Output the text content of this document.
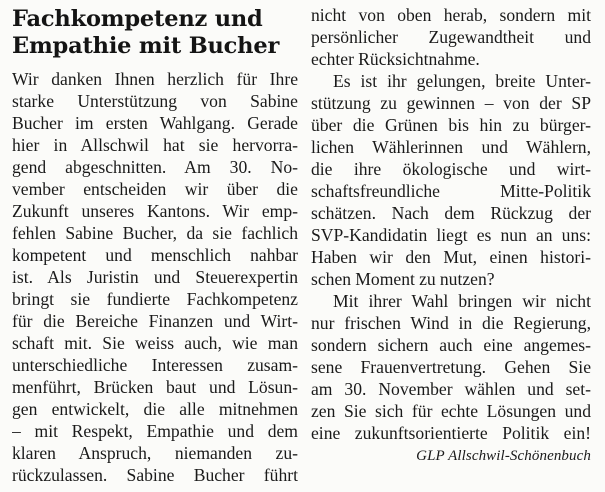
Fachkompetenz und
Empathie mit Bucher

Wir danken Ihnen herzlich für Ihre
starke Unterstützung von Sabine
Bucher im ersten Wahlgang. Gerade
hier in Allschwil hat sie hervorra-
gend abgeschnitten. Am 30. No-
vember entscheiden wir über die
Zukunft unseres Kantons. Wir emp-
fehlen Sabine Bucher, da sie fachlich
kompetent und menschlich nahbar
ist. Als Juristin und Steuerexpertin
bringt sie fundierte Fachkompetenz
für die Bereiche Finanzen und Wirt-
schaft mit. Sie weiss auch, wie man
unterschiedliche Interessen zusam-
menführt, Brücken baut und Lösun-
gen entwickelt, die alle mitnehmen
– mit Respekt, Empathie und dem
klaren Anspruch, niemanden zu-
rückzulassen. Sabine Bucher führt

nicht von oben herab, sondern mit
persönlicher Zugewandtheit und
echter Rücksichtnahme.

Es ist ihr gelungen, breite Unter-
stützung zu gewinnen – von der SP
über die Grünen bis hin zu bürger-
lichen Wählerinnen und Wählern,
die ihre ökologische und wirt-
schaftsfreundliche Mitte-Politik
schätzen. Nach dem Rückzug der
SVP-Kandidatin liegt es nun an uns:
Haben wir den Mut, einen histori-
schen Moment zu nutzen?

Mit ihrer Wahl bringen wir nicht
nur frischen Wind in die Regierung,
sondern sichern auch eine angemes-
sene Frauenvertretung. Gehen Sie
am 30. November wählen und set-
zen Sie sich für echte Lösungen und
eine zukunftsorientierte Politik ein!

GLP Allschwil-Schönenbuch
